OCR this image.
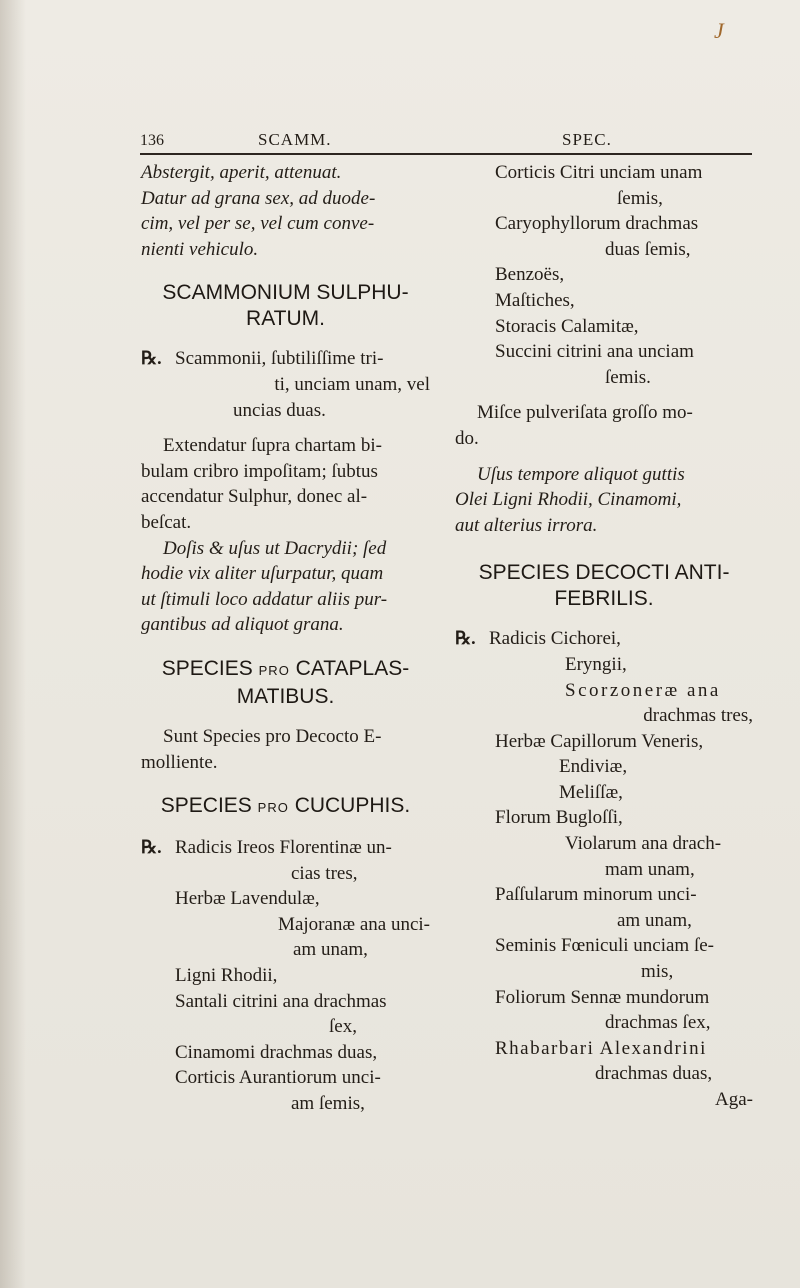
J
136	SCAMM.	SPEC.

Abstergit, aperit, attenuat.

Datur ad grana sex, ad duode-

cim, vel per se, vel cum conve-

nienti vehiculo.

SCAMMONIUM SULPHU- RATUM.
℞. Scammonii, ſubtiliſſime tri-

ti, unciam unam, vel

uncias duas.

Extendatur ſupra chartam bi-

bulam cribro impoſitam; ſubtus

accendatur Sulphur, donec al-

beſcat.

Doſis & uſus ut Dacrydii; ſed

hodie vix aliter uſurpatur, quam

ut ſtimuli loco addatur aliis pur-

gantibus ad aliquot grana.

SPECIES PRO CATAPLAS-
MATIBUS.

Sunt Species pro Decocto E-

molliente.

SPECIES PRO CUCUPHIS.
℞. Radicis Ireos Florentinæ un-

cias tres,

Herbæ Lavendulæ,

Majoranæ ana unci-

am unam,

Ligni Rhodii,

Santali citrini ana drachmas

ſex,

Cinamomi drachmas duas,

Corticis Aurantiorum unci-

am ſemis,

Corticis Citri unciam unam

ſemis,

Caryophyllorum drachmas

duas ſemis,

Benzoës,

Maſtiches,

Storacis Calamitæ,

Succini citrini ana unciam

ſemis.

Miſce pulveriſata groſſo mo-

do.

Uſus tempore aliquot guttis

Olei Ligni Rhodii, Cinamomi,

aut alterius irrora.

SPECIES DECOCTI ANTI- FEBRILIS.
℞. Radicis Cichorei,

Eryngii,

Scorzoneræ ana

drachmas tres,

Herbæ Capillorum Veneris,

Endiviæ,

Meliſſæ,

Florum Bugloſſi,

Violarum ana drach-

mam unam,

Paſſularum minorum unci-

am unam,

Seminis Fœniculi unciam ſe-

mis,

Foliorum Sennæ mundorum

drachmas ſex,

Rhabarbari Alexandrini

drachmas duas,

Aga-
